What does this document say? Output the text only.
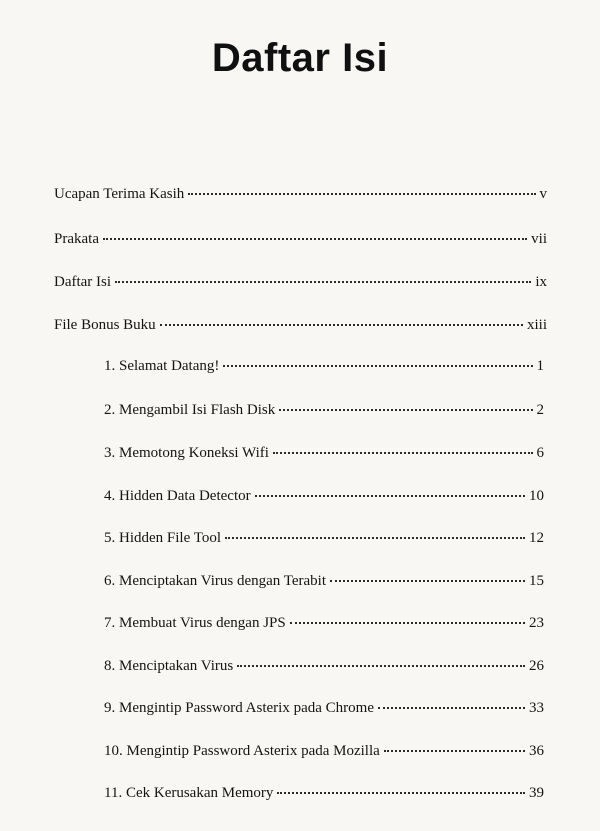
Daftar Isi
Ucapan Terima Kasih	v
Prakata	vii
Daftar Isi	ix
File Bonus Buku	xiii
1. Selamat Datang!	1
2. Mengambil Isi Flash Disk	2
3. Memotong Koneksi Wifi	6
4. Hidden Data Detector	10
5. Hidden File Tool	12
6. Menciptakan Virus dengan Terabit	15
7. Membuat Virus dengan JPS	23
8. Menciptakan Virus	26
9. Mengintip Password Asterix pada Chrome	33
10. Mengintip Password Asterix pada Mozilla	36
11. Cek Kerusakan Memory	39
